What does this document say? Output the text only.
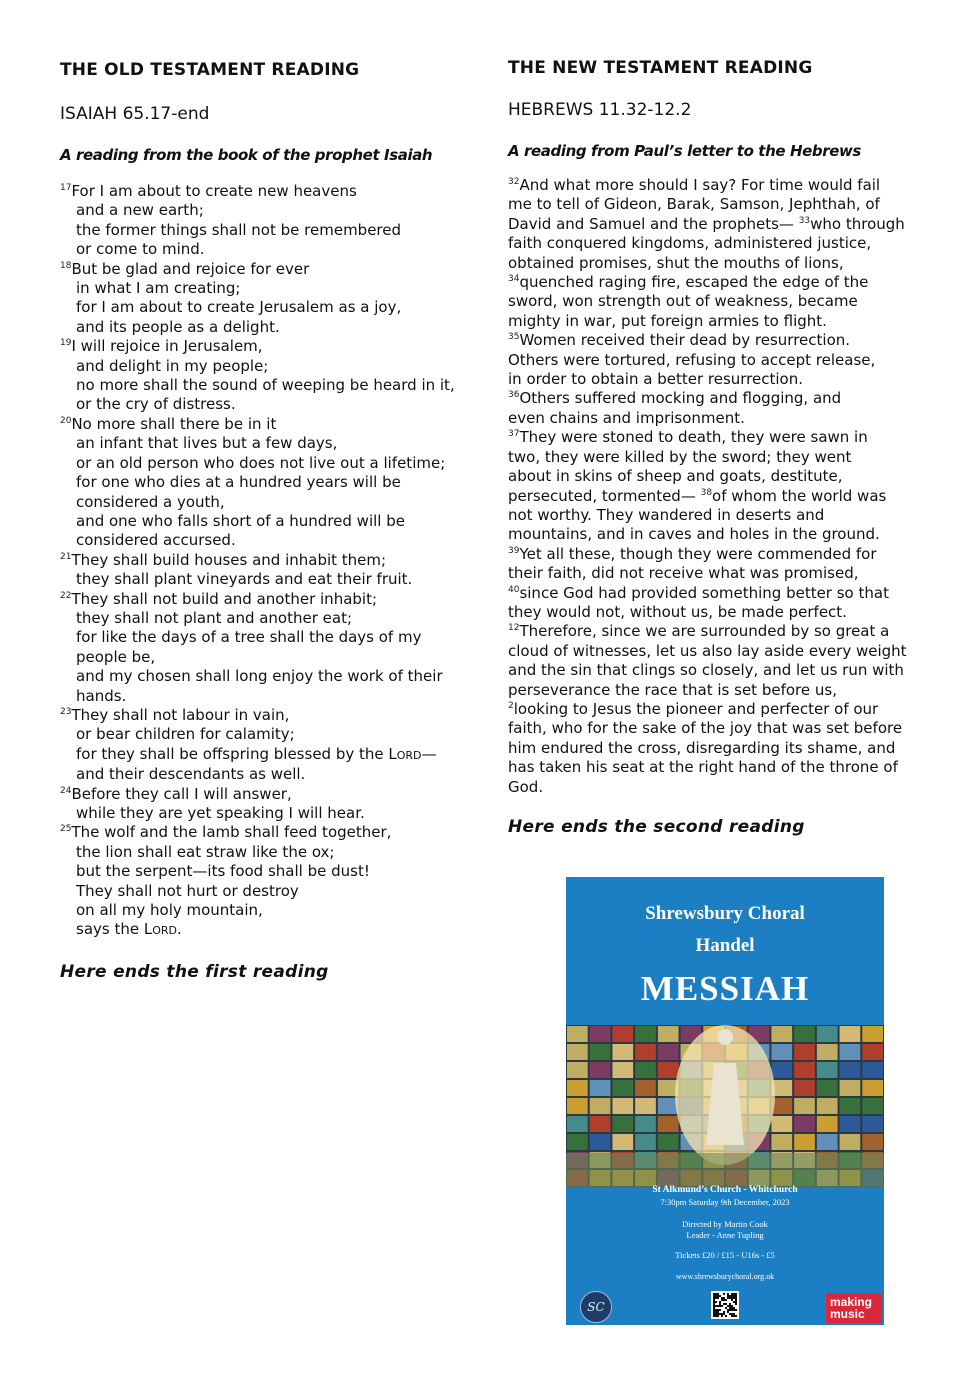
THE OLD TESTAMENT READING
ISAIAH 65.17-end
A reading from the book of the prophet Isaiah
$^{17}$For I am about to create new heavens
and a new earth;
the former things shall not be remembered
or come to mind.
$^{18}$But be glad and rejoice for ever
in what I am creating;
for I am about to create Jerusalem as a joy,
and its people as a delight.
$^{19}$I will rejoice in Jerusalem,
and delight in my people;
no more shall the sound of weeping be heard in it,
or the cry of distress.
$^{20}$No more shall there be in it
an infant that lives but a few days,
or an old person who does not live out a lifetime;
for one who dies at a hundred years will be
considered a youth,
and one who falls short of a hundred will be
considered accursed.
$^{21}$They shall build houses and inhabit them;
they shall plant vineyards and eat their fruit.
$^{22}$They shall not build and another inhabit;
they shall not plant and another eat;
for like the days of a tree shall the days of my
people be,
and my chosen shall long enjoy the work of their
hands.
$^{23}$They shall not labour in vain,
or bear children for calamity;
for they shall be offspring blessed by the LORD—
and their descendants as well.
$^{24}$Before they call I will answer,
while they are yet speaking I will hear.
$^{25}$The wolf and the lamb shall feed together,
the lion shall eat straw like the ox;
but the serpent—its food shall be dust!
They shall not hurt or destroy
on all my holy mountain,
says the LORD.
Here ends the first reading
THE NEW TESTAMENT READING
HEBREWS 11.32-12.2
A reading from Paul’s letter to the Hebrews
$^{32}$And what more should I say? For time would fail
me to tell of Gideon, Barak, Samson, Jephthah, of
David and Samuel and the prophets— $^{33}$who through
faith conquered kingdoms, administered justice,
obtained promises, shut the mouths of lions,
$^{34}$quenched raging fire, escaped the edge of the
sword, won strength out of weakness, became
mighty in war, put foreign armies to flight.
$^{35}$Women received their dead by resurrection.
Others were tortured, refusing to accept release,
in order to obtain a better resurrection.
$^{36}$Others suffered mocking and flogging, and
even chains and imprisonment.
$^{37}$They were stoned to death, they were sawn in
two, they were killed by the sword; they went
about in skins of sheep and goats, destitute,
persecuted, tormented— $^{38}$of whom the world was
not worthy. They wandered in deserts and
mountains, and in caves and holes in the ground.
$^{39}$Yet all these, though they were commended for
their faith, did not receive what was promised,
$^{40}$since God had provided something better so that
they would not, without us, be made perfect.
$^{12}$Therefore, since we are surrounded by so great a
cloud of witnesses, let us also lay aside every weight
and the sin that clings so closely, and let us run with
perseverance the race that is set before us,
$^2$looking to Jesus the pioneer and perfecter of our
faith, who for the sake of the joy that was set before
him endured the cross, disregarding its shame, and
has taken his seat at the right hand of the throne of
God.
Here ends the second reading
Shrewsbury Choral
Handel
MESSIAH
St Alkmund’s Church - Whitchurch
7:30pm Saturday 9th December, 2023
Directed by Martin Cook
Leader - Anne Tupling
Tickets £20 / £15 - U16s - £5
www.shrewsburychoral.org.uk
SC	making music
